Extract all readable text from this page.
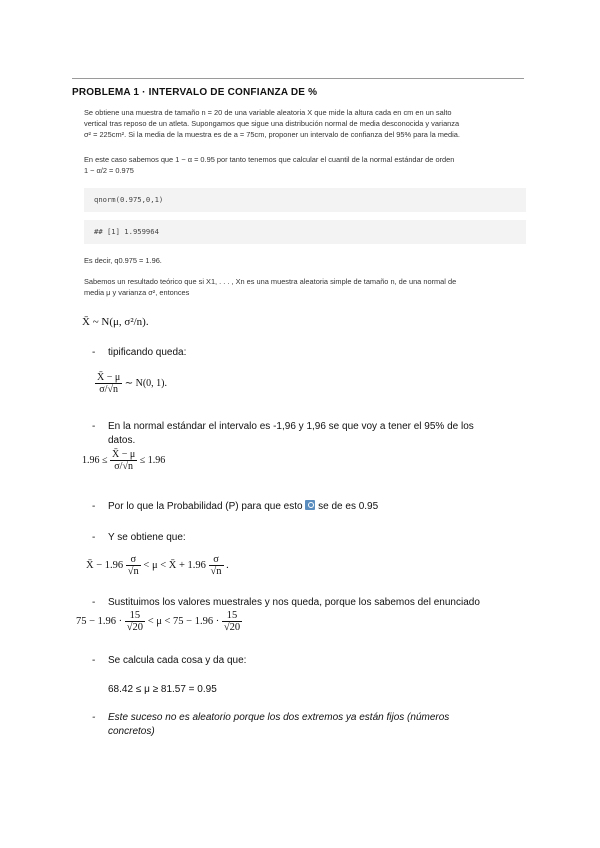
PROBLEMA 1 · INTERVALO DE CONFIANZA DE %
Se obtiene una muestra de tamaño n = 20 de una variable aleatoria X que mide la altura cada en cm en un salto
vertical tras reposo de un atleta. Supongamos que sigue una distribución normal de media desconocida y varianza
σ² = 225cm². Si la media de la muestra es de a = 75cm, proponer un intervalo de confianza del 95% para la media.
En este caso sabemos que 1 − α = 0.95 por tanto tenemos que calcular el cuantil de la normal estándar de orden
1 − α/2 = 0.975
qnorm(0.975,0,1)
## [1] 1.959964
Es decir, q0.975 = 1.96.
Sabemos un resultado teórico que si X1, . . . , Xn es una muestra aleatoria simple de tamaño n, de una normal de
media μ y varianza σ², entonces
X̄ ~ N(μ, σ²/n).
- tipificando queda:
$\frac{X̄ - \mu}{\sigma/√n}$ ∼ N(0, 1).
- En la normal estándar el intervalo es -1,96 y 1,96 se que voy a tener el 95% de los
datos.
$1.96 \le \frac{X̄ - \mu}{\sigma/√n} \le 1.96$
- Por lo que la Probabilidad (P) para que esto se de es 0.95
- Y se obtiene que:
X̄ − $1.96 \frac{\sigma}{√n} < \mu$ < X̄ + $1.96 \frac{\sigma}{√n}$ .
- Sustituimos los valores muestrales y nos queda, porque los sabemos del enunciado
$75 - 1.96 \cdot \frac{15}{√20} < \mu < 75 - 1.96 \cdot \frac{15}{√20}$
- Se calcula cada cosa y da que:
68.42 ≤ μ ≥ 81.57 = 0.95
- Este suceso no es aleatorio porque los dos extremos ya están fijos (números
concretos)
